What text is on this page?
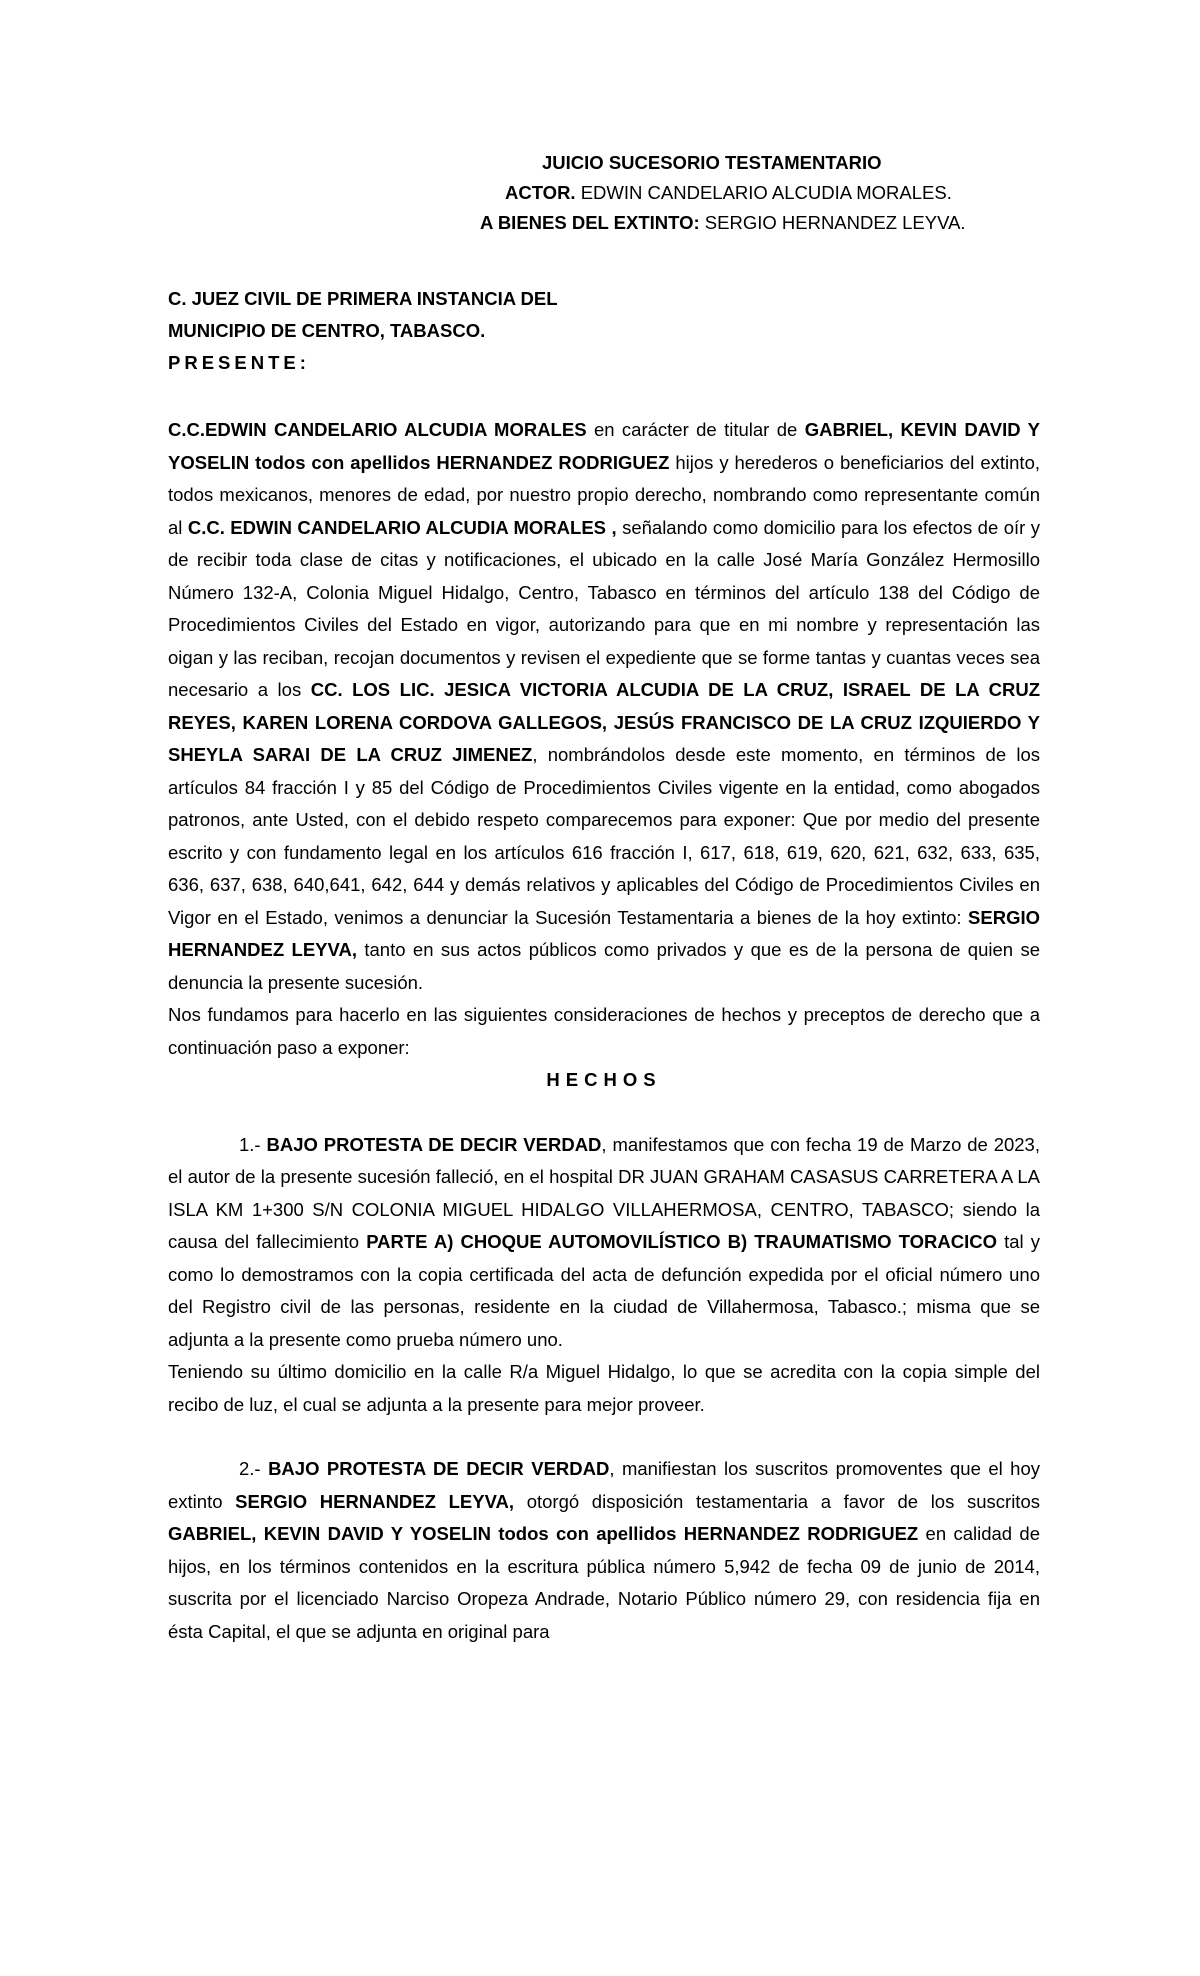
JUICIO SUCESORIO TESTAMENTARIO
ACTOR. EDWIN CANDELARIO ALCUDIA MORALES.
A BIENES DEL EXTINTO: SERGIO HERNANDEZ LEYVA.
C. JUEZ CIVIL DE PRIMERA INSTANCIA DEL
MUNICIPIO DE CENTRO, TABASCO.
PRESENTE:

C.C.EDWIN CANDELARIO ALCUDIA MORALES en carácter de titular de GABRIEL, KEVIN DAVID Y YOSELIN todos con apellidos HERNANDEZ RODRIGUEZ hijos y herederos o beneficiarios del extinto, todos mexicanos, menores de edad, por nuestro propio derecho, nombrando como representante común al C.C. EDWIN CANDELARIO ALCUDIA MORALES , señalando como domicilio para los efectos de oír y de recibir toda clase de citas y notificaciones, el ubicado en la calle José María González Hermosillo Número 132-A, Colonia Miguel Hidalgo, Centro, Tabasco en términos del artículo 138 del Código de Procedimientos Civiles del Estado en vigor, autorizando para que en mi nombre y representación las oigan y las reciban, recojan documentos y revisen el expediente que se forme tantas y cuantas veces sea necesario a los CC. LOS LIC. JESICA VICTORIA ALCUDIA DE LA CRUZ, ISRAEL DE LA CRUZ REYES, KAREN LORENA CORDOVA GALLEGOS, JESÚS FRANCISCO DE LA CRUZ IZQUIERDO Y SHEYLA SARAI DE LA CRUZ JIMENEZ, nombrándolos desde este momento, en términos de los artículos 84 fracción I y 85 del Código de Procedimientos Civiles vigente en la entidad, como abogados patronos, ante Usted, con el debido respeto comparecemos para exponer: Que por medio del presente escrito y con fundamento legal en los artículos 616 fracción I, 617, 618, 619, 620, 621, 632, 633, 635, 636, 637, 638, 640,641, 642, 644 y demás relativos y aplicables del Código de Procedimientos Civiles en Vigor en el Estado, venimos a denunciar la Sucesión Testamentaria a bienes de la hoy extinto: SERGIO HERNANDEZ LEYVA, tanto en sus actos públicos como privados y que es de la persona de quien se denuncia la presente sucesión.

Nos fundamos para hacerlo en las siguientes consideraciones de hechos y preceptos de derecho que a continuación paso a exponer:

HECHOS

1.- BAJO PROTESTA DE DECIR VERDAD, manifestamos que con fecha 19 de Marzo de 2023, el autor de la presente sucesión falleció, en el hospital DR JUAN GRAHAM CASASUS CARRETERA A LA ISLA KM 1+300 S/N COLONIA MIGUEL HIDALGO VILLAHERMOSA, CENTRO, TABASCO; siendo la causa del fallecimiento PARTE A) CHOQUE AUTOMOVILÍSTICO B) TRAUMATISMO TORACICO tal y como lo demostramos con la copia certificada del acta de defunción expedida por el oficial número uno del Registro civil de las personas, residente en la ciudad de Villahermosa, Tabasco.; misma que se adjunta a la presente como prueba número uno.

Teniendo su último domicilio en la calle R/a Miguel Hidalgo, lo que se acredita con la copia simple del recibo de luz, el cual se adjunta a la presente para mejor proveer.

2.- BAJO PROTESTA DE DECIR VERDAD, manifiestan los suscritos promoventes que el hoy extinto SERGIO HERNANDEZ LEYVA, otorgó disposición testamentaria a favor de los suscritos GABRIEL, KEVIN DAVID Y YOSELIN todos con apellidos HERNANDEZ RODRIGUEZ en calidad de hijos, en los términos contenidos en la escritura pública número 5,942 de fecha 09 de junio de 2014, suscrita por el licenciado Narciso Oropeza Andrade, Notario Público número 29, con residencia fija en ésta Capital, el que se adjunta en original para
